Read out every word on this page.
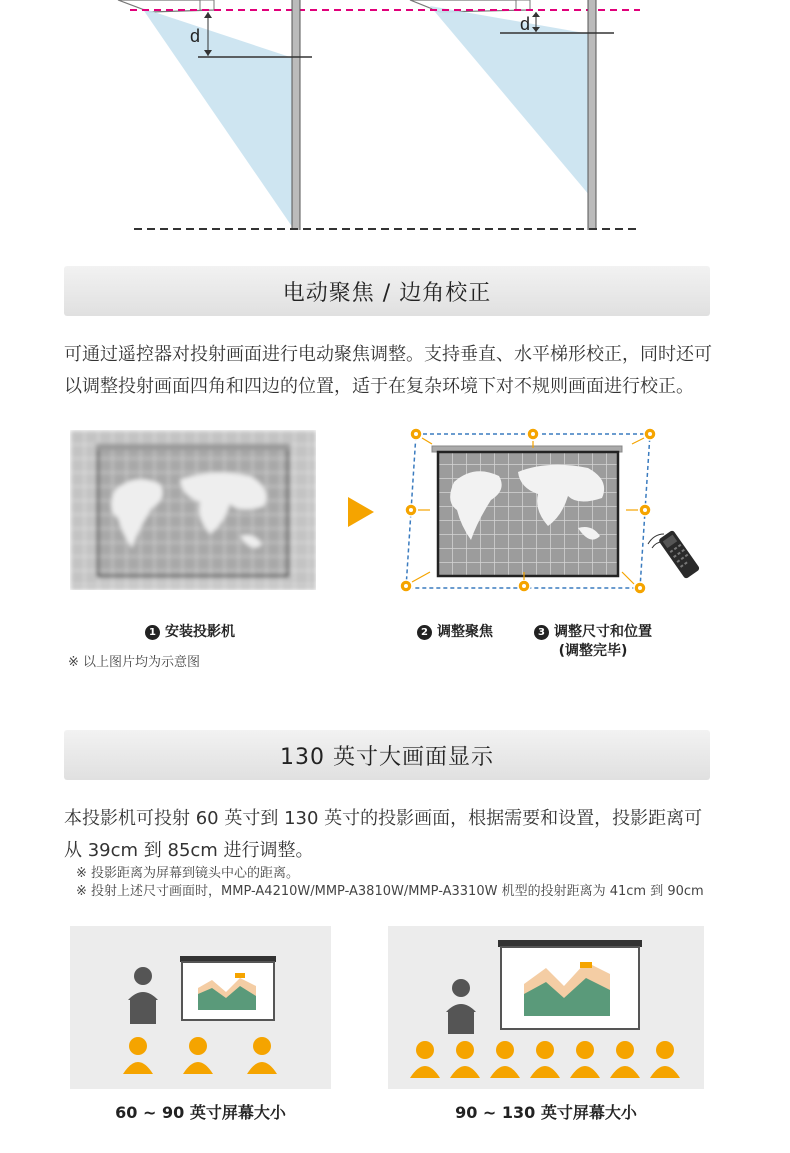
d
d
电动聚焦 / 边角校正
可通过遥控器对投射画面进行电动聚焦调整。支持垂直、水平梯形校正，同时还可以调整投射画面四角和四边的位置，适于在复杂环境下对不规则画面进行校正。
1 安装投影机	2 调整聚焦	3 调整尺寸和位置
(调整完毕)
※ 以上图片均为示意图
130 英寸大画面显示
本投影机可投射 60 英寸到 130 英寸的投影画面，根据需要和设置，投影距离可从 39cm 到 85cm 进行调整。
※ 投影距离为屏幕到镜头中心的距离。
※ 投射上述尺寸画面时，MMP-A4210W/MMP-A3810W/MMP-A3310W 机型的投射距离为 41cm 到 90cm
60 ~ 90 英寸屏幕大小	90 ~ 130 英寸屏幕大小
